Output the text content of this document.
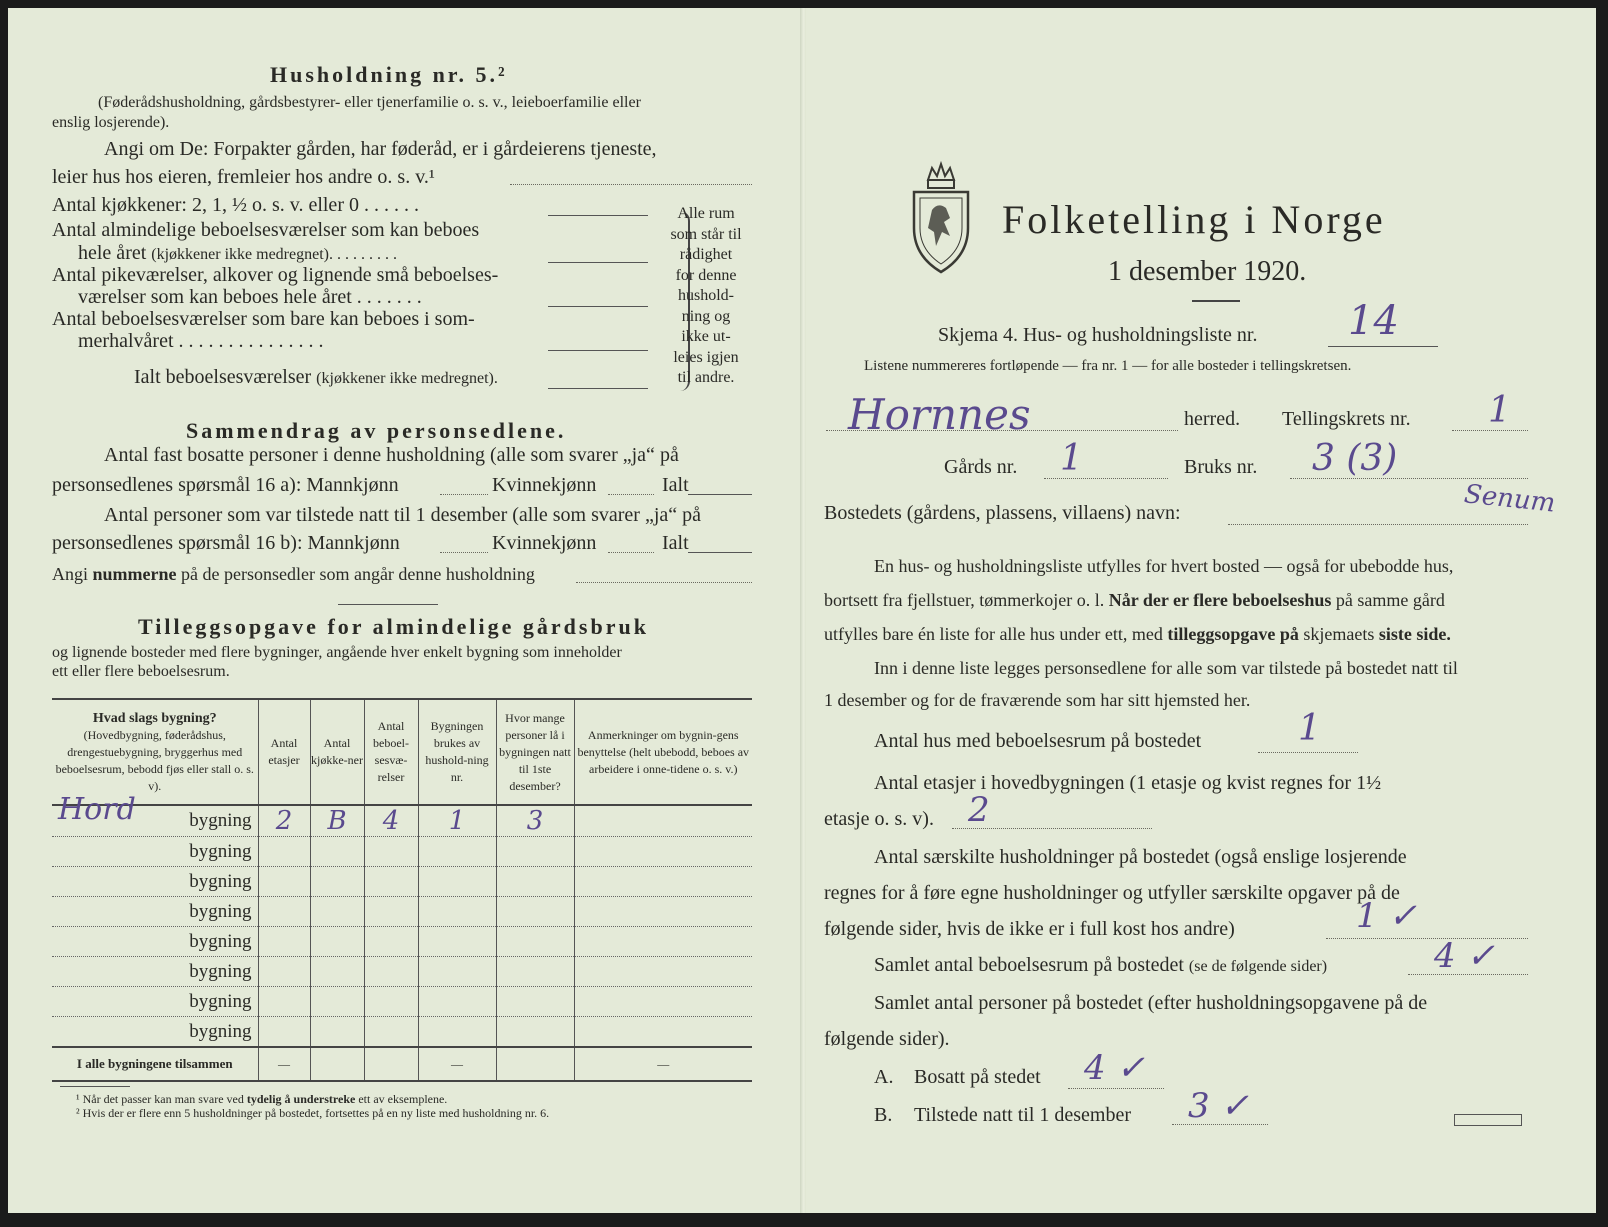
Husholdning nr. 5.²
(Føderådshusholdning, gårdsbestyrer- eller tjenerfamilie o. s. v., leieboerfamilie eller
enslig losjerende).
Angi om De: Forpakter gården, har føderåd, er i gårdeierens tjeneste,
leier hus hos eieren, fremleier hos andre o. s. v.¹
Antal kjøkkener: 2, 1, ½ o. s. v. eller 0 . . . . . .
Antal almindelige beboelsesværelser som kan beboes
hele året (kjøkkener ikke medregnet). . . . . . . . .
Antal pikeværelser, alkover og lignende små beboelses-
værelser som kan beboes hele året . . . . . . .
Antal beboelsesværelser som bare kan beboes i som-
merhalvåret . . . . . . . . . . . . . . .
Ialt beboelsesværelser (kjøkkener ikke medregnet).
Alle rum
som står til
rådighet
for denne
hushold-
ning og
ikke ut-
leies igjen
til andre.
Sammendrag av personsedlene.
Antal fast bosatte personer i denne husholdning (alle som svarer „ja“ på
personsedlenes spørsmål 16 a): Mannkjønn	Kvinnekjønn	Ialt
Antal personer som var tilstede natt til 1 desember (alle som svarer „ja“ på
personsedlenes spørsmål 16 b): Mannkjønn	Kvinnekjønn	Ialt
Angi nummerne på de personsedler som angår denne husholdning
Tilleggsopgave for almindelige gårdsbruk
og lignende bosteder med flere bygninger, angående hver enkelt bygning som inneholder
ett eller flere beboelsesrum.
Hvad slags bygning?
(Hovedbygning, føderådshus, drengestuebygning, bryggerhus med beboelsesrum, bebodd fjøs eller stall o. s. v).	Antal etasjer	Antal kjøkke-ner	Antal beboel-sesvæ-relser	Bygningen brukes av hushold-ning nr.	Hvor mange personer lå i bygningen natt til 1ste desember?	Anmerkninger om bygnin-gens benyttelse (helt ubebodd, beboes av arbeidere i onne-tidene o. s. v.)

Hord bygning	2	B	4	1	3	
bygning						
bygning						
bygning						
bygning						
bygning						
bygning						
bygning						
I alle bygningene tilsammen	—			—		—
¹ Når det passer kan man svare ved tydelig å understreke ett av eksemplene.
² Hvis der er flere enn 5 husholdninger på bostedet, fortsettes på en ny liste med husholdning nr. 6.
Folketelling i Norge
1 desember 1920.
Skjema 4. Hus- og husholdningsliste nr. 14
Listene nummereres fortløpende — fra nr. 1 — for alle bosteder i tellingskretsen.
Hornnes	herred. Tellingskrets nr. 1
Gårds nr. 1	Bruks nr. 3 (3)
Bostedets (gårdens, plassens, villaens) navn:	Senum
En hus- og husholdningsliste utfylles for hvert bosted — også for ubebodde hus,
bortsett fra fjellstuer, tømmerkojer o. l. Når der er flere beboelseshus på samme gård
utfylles bare én liste for alle hus under ett, med tilleggsopgave på skjemaets siste side.
Inn i denne liste legges personsedlene for alle som var tilstede på bostedet natt til
1 desember og for de fraværende som har sitt hjemsted her.
Antal hus med beboelsesrum på bostedet	1
Antal etasjer i hovedbygningen (1 etasje og kvist regnes for 1½
etasje o. s. v). 2
Antal særskilte husholdninger på bostedet (også enslige losjerende
regnes for å føre egne husholdninger og utfyller særskilte opgaver på de
følgende sider, hvis de ikke er i full kost hos andre)	1 ✓
Samlet antal beboelsesrum på bostedet (se de følgende sider)	4 ✓
Samlet antal personer på bostedet (efter husholdningsopgavene på de
følgende sider).
A. Bosatt på stedet 4 ✓
B. Tilstede natt til 1 desember 3 ✓
